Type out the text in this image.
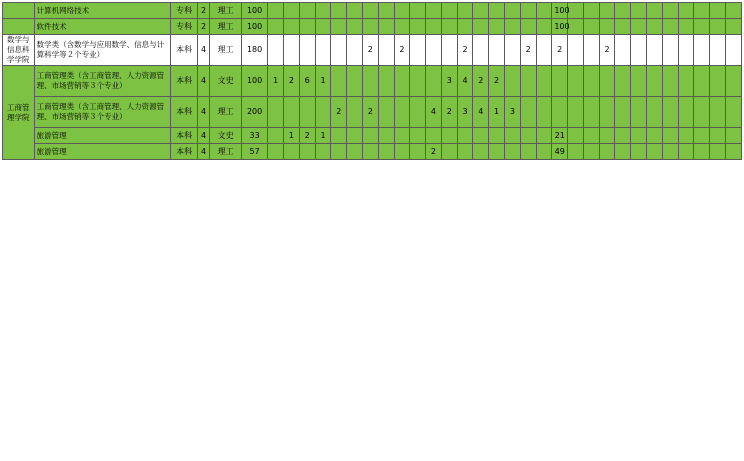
	计算机网络技术	专科	2	理工	100																			100											
	软件技术	专科	2	理工	100																			100											
数学与信息科学学院	数学类（含数学与应用数学、信息与计算科学等２个专业）	本科	4	理工	180							2		2				2				2		2			2								
工商管理学院	工商管理类（含工商管理、人力资源管理、市场营销等３个专业）	本科	4	文史	100	1	2	6	1								3	4	2	2															
	工商管理类（含工商管理、人力资源管理、市场营销等３个专业）	本科	4	理工	200					2		2				4	2	3	4	1	3														
	旅游管理	本科	4	文史	33		1	2	1															21											
	旅游管理	本科	4	理工	57											2								49											
